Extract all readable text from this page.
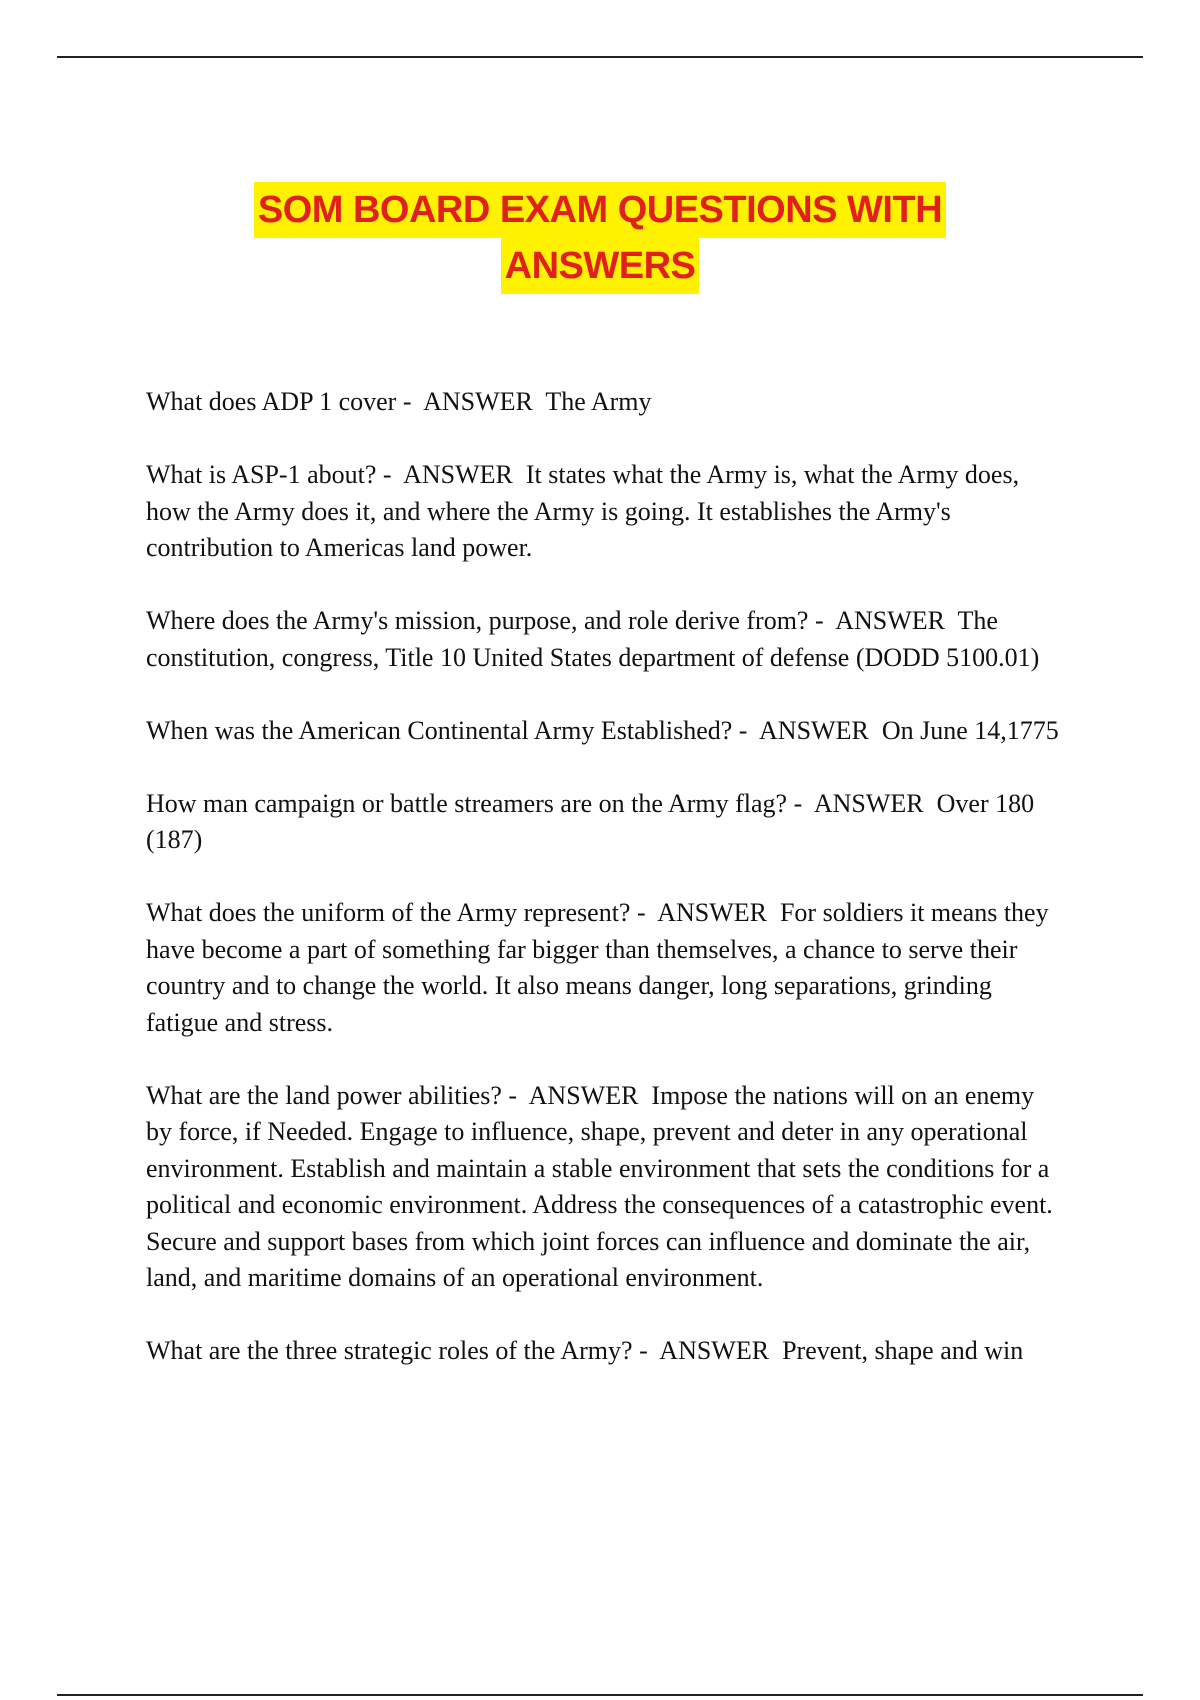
SOM BOARD EXAM QUESTIONS WITH
ANSWERS

What does ADP 1 cover -  ANSWER The Army

What is ASP-1 about? -  ANSWER It states what the Army is, what the Army does, how the Army does it, and where the Army is going. It establishes the Army's contribution to Americas land power.

Where does the Army's mission, purpose, and role derive from? -  ANSWER The constitution, congress, Title 10 United States department of defense (DODD 5100.01)

When was the American Continental Army Established? -  ANSWER On June 14,1775

How man campaign or battle streamers are on the Army flag? -  ANSWER Over 180 (187)

What does the uniform of the Army represent? -  ANSWER For soldiers it means they have become a part of something far bigger than themselves, a chance to serve their country and to change the world. It also means danger, long separations, grinding fatigue and stress.

What are the land power abilities? -  ANSWER Impose the nations will on an enemy by force, if Needed. Engage to influence, shape, prevent and deter in any operational environment. Establish and maintain a stable environment that sets the conditions for a political and economic environment. Address the consequences of a catastrophic event. Secure and support bases from which joint forces can influence and dominate the air, land, and maritime domains of an operational environment.

What are the three strategic roles of the Army? -  ANSWER Prevent, shape and win
